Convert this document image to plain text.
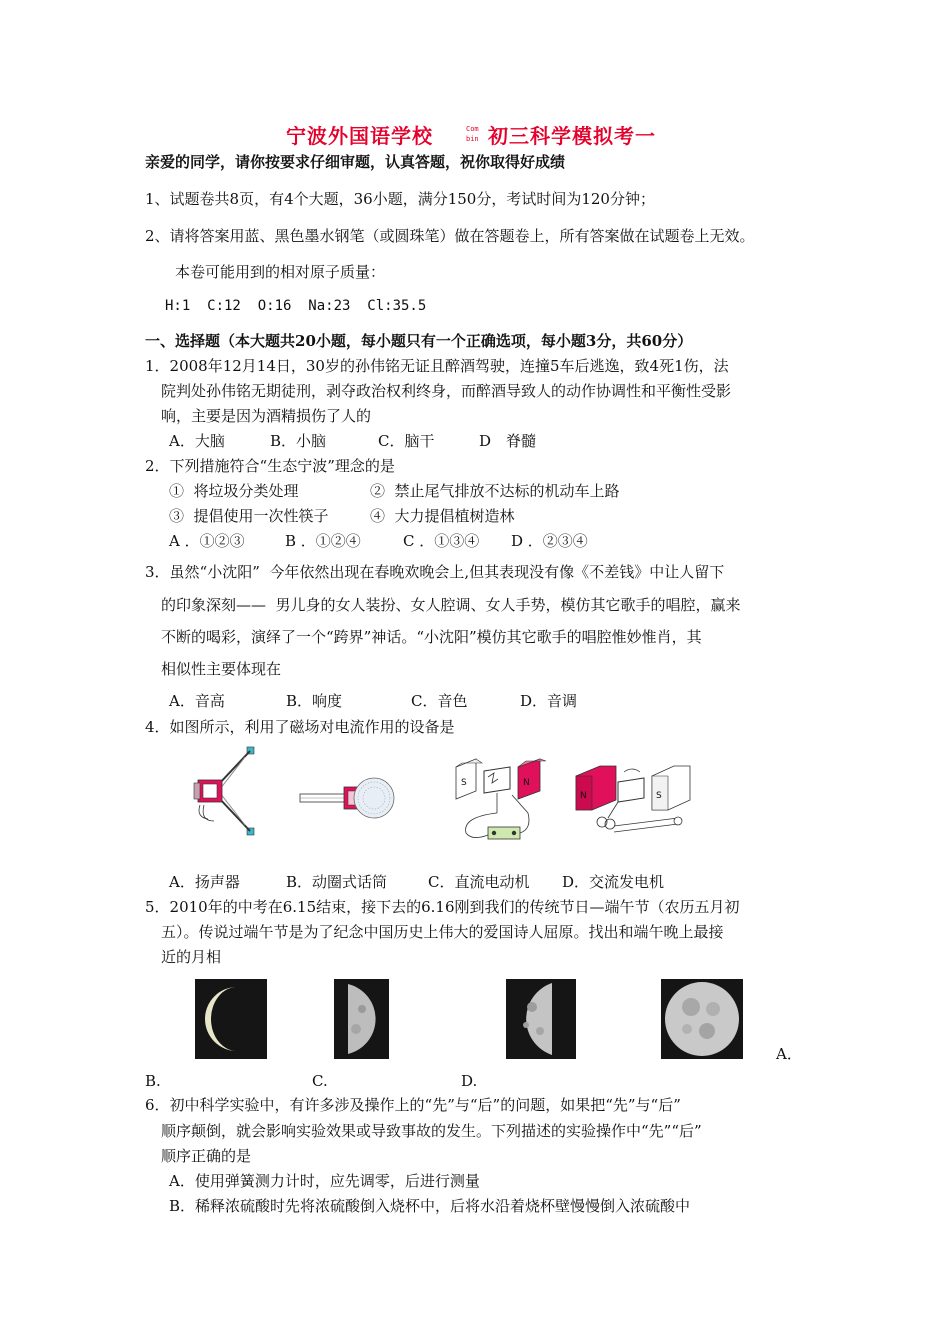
宁波外国语学校	Com
bin 初三科学模拟考一
亲爱的同学，请你按要求仔细审题，认真答题，祝你取得好成绩
1、试题卷共8页，有4个大题，36小题，满分150分，考试时间为120分钟；
2、请将答案用蓝、黑色墨水钢笔（或圆珠笔）做在答题卷上，所有答案做在试题卷上无效。
本卷可能用到的相对原子质量：
H:1  C:12  O:16  Na:23  Cl:35.5
一、选择题（本大题共20小题，每小题只有一个正确选项，每小题3分，共60分）
1．2008年12月14日，30岁的孙伟铭无证且醉酒驾驶，连撞5车后逃逸，致4死1伤，法
院判处孙伟铭无期徒刑，剥夺政治权利终身，而醉酒导致人的动作协调性和平衡性受影
响，主要是因为酒精损伤了人的
A．大脑	B．小脑	C．脑干	D　脊髓
2．下列措施符合“生态宁波”理念的是
①  将垃圾分类处理	②  禁止尾气排放不达标的机动车上路
③  提倡使用一次性筷子	④  大力提倡植树造林
A ．①②③	B ．①②④	C ．①③④ D ．②③④
3．虽然“小沈阳”  今年依然出现在春晚欢晚会上,但其表现没有像《不差钱》中让人留下
的印象深刻——  男儿身的女人装扮、女人腔调、女人手势，模仿其它歌手的唱腔，赢来
不断的喝彩，演绎了一个“跨界”神话。“小沈阳”模仿其它歌手的唱腔惟妙惟肖，其
相似性主要体现在
A．音高	B．响度	C．音色	D．音调
4．如图所示，利用了磁场对电流作用的设备是
S	N
N	S
A．扬声器	B．动圈式话筒	C．直流电动机 D．交流发电机
5．2010年的中考在6.15结束，接下去的6.16刚到我们的传统节日—端午节（农历五月初
五）。传说过端午节是为了纪念中国历史上伟大的爱国诗人屈原。找出和端午晚上最接
近的月相
A．
B.	C.	D.
6．初中科学实验中，有许多涉及操作上的“先”与“后”的问题，如果把“先”与“后”
顺序颠倒，就会影响实验效果或导致事故的发生。下列描述的实验操作中“先”“后”
顺序正确的是
A．使用弹簧测力计时，应先调零，后进行测量
B．稀释浓硫酸时先将浓硫酸倒入烧杯中，后将水沿着烧杯壁慢慢倒入浓硫酸中
